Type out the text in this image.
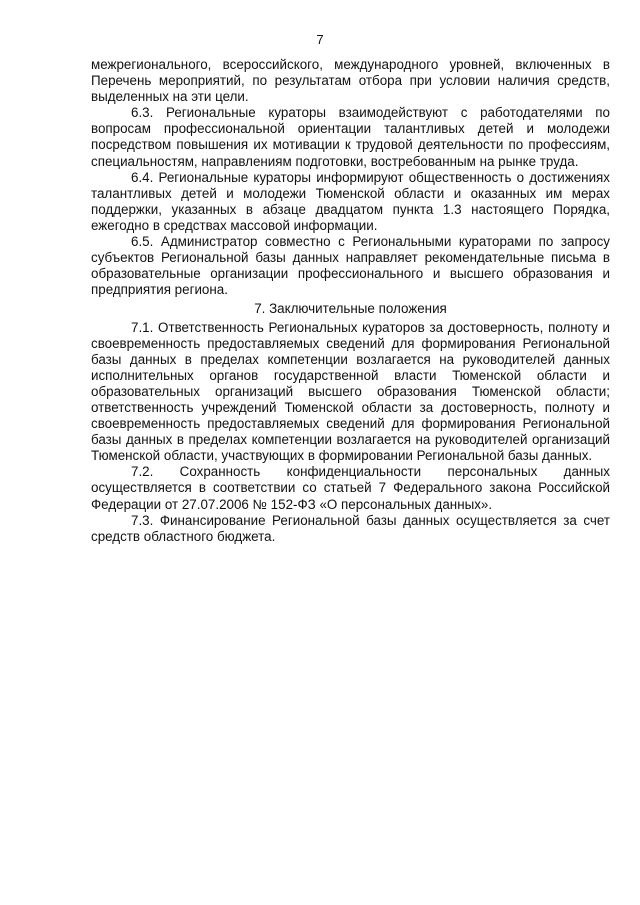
7

межрегионального, всероссийского, международного уровней, включенных в Перечень мероприятий, по результатам отбора при условии наличия средств, выделенных на эти цели.

6.3. Региональные кураторы взаимодействуют с работодателями по вопросам профессиональной ориентации талантливых детей и молодежи посредством повышения их мотивации к трудовой деятельности по профессиям, специальностям, направлениям подготовки, востребованным на рынке труда.

6.4. Региональные кураторы информируют общественность о достижениях талантливых детей и молодежи Тюменской области и оказанных им мерах поддержки, указанных в абзаце двадцатом пункта 1.3 настоящего Порядка, ежегодно в средствах массовой информации.

6.5. Администратор совместно с Региональными кураторами по запросу субъектов Региональной базы данных направляет рекомендательные письма в образовательные организации профессионального и высшего образования и предприятия региона.

7. Заключительные положения

7.1. Ответственность Региональных кураторов за достоверность, полноту и своевременность предоставляемых сведений для формирования Региональной базы данных в пределах компетенции возлагается на руководителей данных исполнительных органов государственной власти Тюменской области и образовательных организаций высшего образования Тюменской области; ответственность учреждений Тюменской области за достоверность, полноту и своевременность предоставляемых сведений для формирования Региональной базы данных в пределах компетенции возлагается на руководителей организаций Тюменской области, участвующих в формировании Региональной базы данных.

7.2. Сохранность конфиденциальности персональных данных осуществляется в соответствии со статьей 7 Федерального закона Российской Федерации от 27.07.2006 № 152-ФЗ «О персональных данных».

7.3. Финансирование Региональной базы данных осуществляется за счет средств областного бюджета.
